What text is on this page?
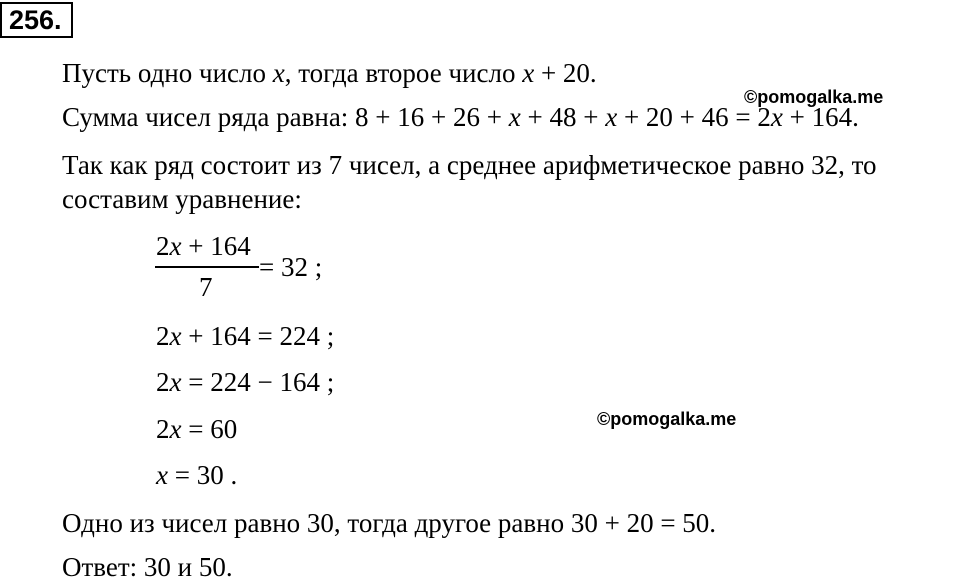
256.
Пусть одно число x, тогда второе число x + 20.
©pomogalka.me
Сумма чисел ряда равна: 8 + 16 + 26 + x + 48 + x + 20 + 46 = 2x + 164.
Так как ряд состоит из 7 чисел, а среднее арифметическое равно 32, то
составим уравнение:
2x + 164
7
= 32 ;
2x + 164 = 224 ;
2x = 224 − 164 ;
2x = 60	©pomogalka.me
x = 30 .
Одно из чисел равно 30, тогда другое равно 30 + 20 = 50.
Ответ: 30 и 50.
